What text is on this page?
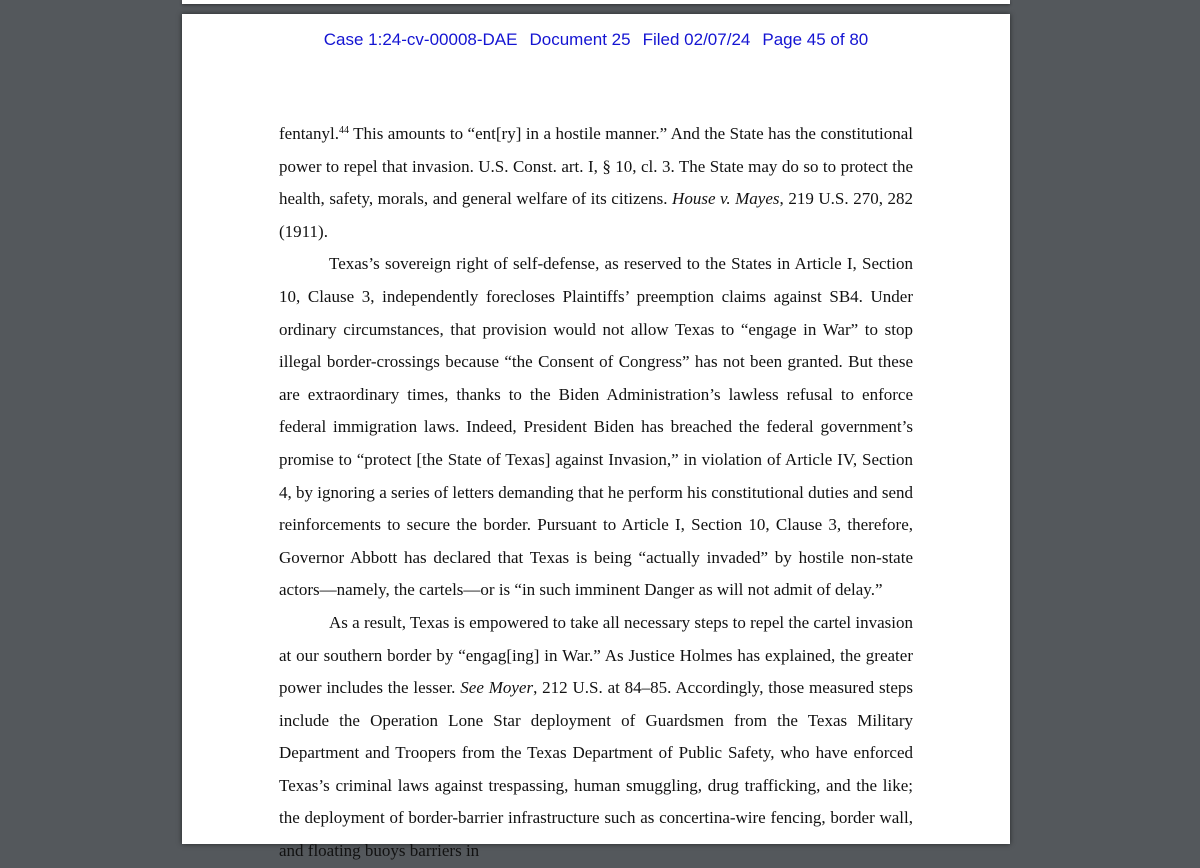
Case 1:24-cv-00008-DAE Document 25 Filed 02/07/24 Page 45 of 80

fentanyl.$^{44}$ This amounts to “ent[ry] in a hostile manner.” And the State has the constitutional power to repel that invasion. U.S. Const. art. I, § 10, cl. 3. The State may do so to protect the health, safety, morals, and general welfare of its citizens. House v. Mayes, 219 U.S. 270, 282 (1911).

Texas’s sovereign right of self-defense, as reserved to the States in Article I, Section 10, Clause 3, independently forecloses Plaintiffs’ preemption claims against SB4. Under ordinary circumstances, that provision would not allow Texas to “engage in War” to stop illegal border-crossings because “the Consent of Congress” has not been granted. But these are extraordinary times, thanks to the Biden Administration’s lawless refusal to enforce federal immigration laws. Indeed, President Biden has breached the federal government’s promise to “protect [the State of Texas] against Invasion,” in violation of Article IV, Section 4, by ignoring a series of letters demanding that he perform his constitutional duties and send reinforcements to secure the border. Pursuant to Article I, Section 10, Clause 3, therefore, Governor Abbott has declared that Texas is being “actually invaded” by hostile non-state actors—namely, the cartels—or is “in such imminent Danger as will not admit of delay.”

As a result, Texas is empowered to take all necessary steps to repel the cartel invasion at our southern border by “engag[ing] in War.” As Justice Holmes has explained, the greater power includes the lesser. See Moyer, 212 U.S. at 84–85. Accordingly, those measured steps include the Operation Lone Star deployment of Guardsmen from the Texas Military Department and Troopers from the Texas Department of Public Safety, who have enforced Texas’s criminal laws against trespassing, human smuggling, drug trafficking, and the like; the deployment of border-barrier infrastructure such as concertina-wire fencing, border wall, and floating buoys barriers in
